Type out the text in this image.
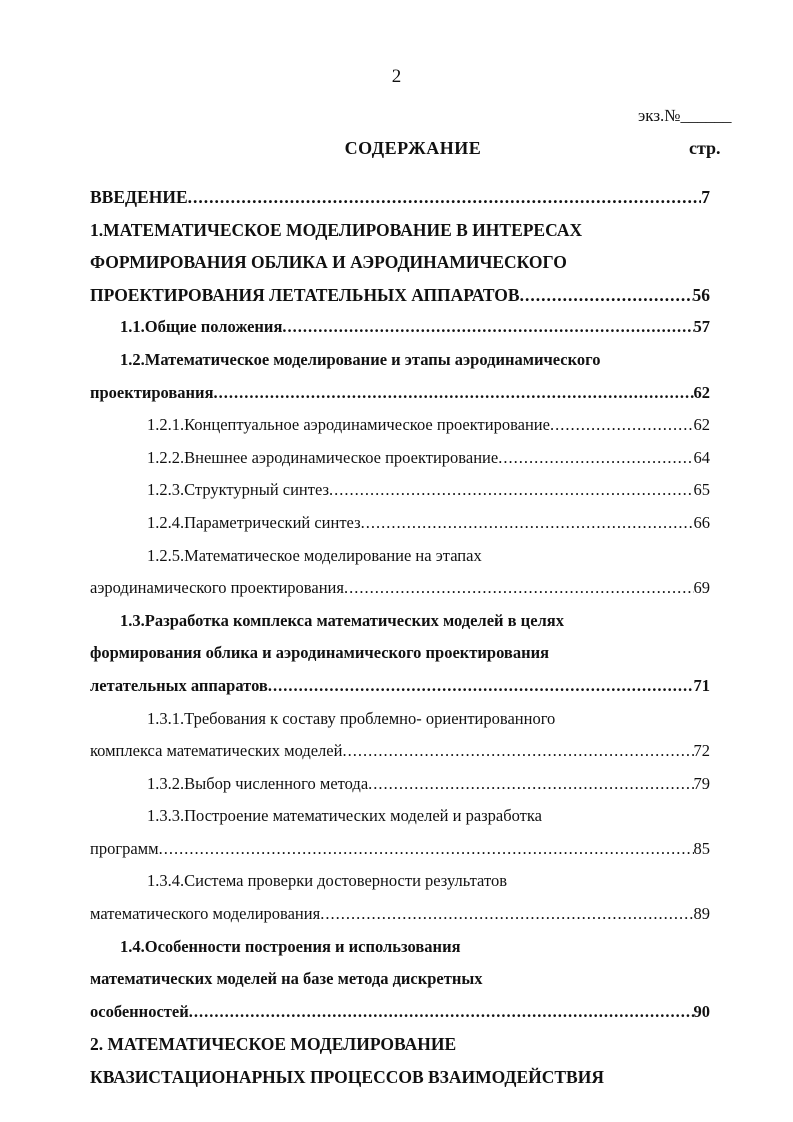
2
экз.№______
СОДЕРЖАНИЕ	стр.
ВВЕДЕНИЕ .....	7
1.МАТЕМАТИЧЕСКОЕ МОДЕЛИРОВАНИЕ В ИНТЕРЕСАХ
ФОРМИРОВАНИЯ ОБЛИКА И АЭРОДИНАМИЧЕСКОГО
ПРОЕКТИРОВАНИЯ ЛЕТАТЕЛЬНЫХ АППАРАТОВ .....	56
1.1.Общие положения .....	57
1.2.Математическое моделирование и этапы аэродинамического
проектирования .....	62
1.2.1.Концептуальное аэродинамическое проектирование .....	62
1.2.2.Внешнее аэродинамическое проектирование .....	64
1.2.3.Структурный синтез .....	65
1.2.4.Параметрический синтез .....	66
1.2.5.Математическое моделирование на этапах
аэродинамического проектирования .....	69
1.3.Разработка комплекса математических моделей в целях
формирования облика и аэродинамического проектирования
летательных аппаратов .....	71
1.3.1.Требования к составу проблемно- ориентированного
комплекса математических моделей .....	72
1.3.2.Выбор численного метода .....	79
1.3.3.Построение математических моделей и разработка
программ .....	85
1.3.4.Система проверки достоверности результатов
математического моделирования .....	89
1.4.Особенности построения и использования
математических моделей на базе метода дискретных
особенностей .....	90
2. МАТЕМАТИЧЕСКОЕ МОДЕЛИРОВАНИЕ
КВАЗИСТАЦИОНАРНЫХ ПРОЦЕССОВ ВЗАИМОДЕЙСТВИЯ
